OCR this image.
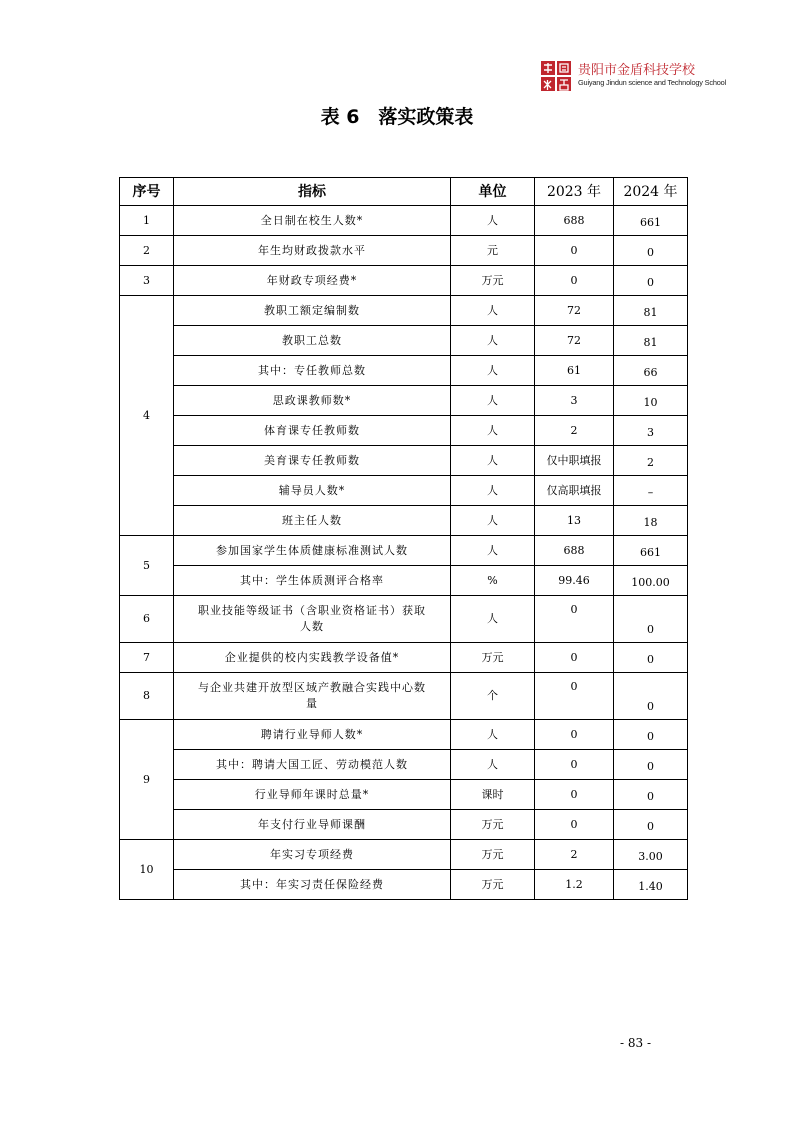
贵阳市金盾科技学校
Guiyang Jindun science and Technology School
表 6　落实政策表
序号	指标	单位	2023 年	2024 年
1	全日制在校生人数*	人	688	661
2	年生均财政拨款水平	元	0	0
3	年财政专项经费*	万元	0	0
4	教职工额定编制数	人	72	81
	教职工总数	人	72	81
	其中：专任教师总数	人	61	66
	思政课教师数*	人	3	10
	体育课专任教师数	人	2	3
	美育课专任教师数	人	仅中职填报	2
	辅导员人数*	人	仅高职填报	–
	班主任人数	人	13	18
5	参加国家学生体质健康标准测试人数	人	688	661
	其中：学生体质测评合格率	%	99.46	100.00
6	职业技能等级证书（含职业资格证书）获取人数	人	0	0
7	企业提供的校内实践教学设备值*	万元	0	0
8	与企业共建开放型区域产教融合实践中心数量	个	0	0
9	聘请行业导师人数*	人	0	0
	其中：聘请大国工匠、劳动模范人数	人	0	0
	行业导师年课时总量*	课时	0	0
	年支付行业导师课酬	万元	0	0
10	年实习专项经费	万元	2	3.00
	其中：年实习责任保险经费	万元	1.2	1.40
- 83 -
